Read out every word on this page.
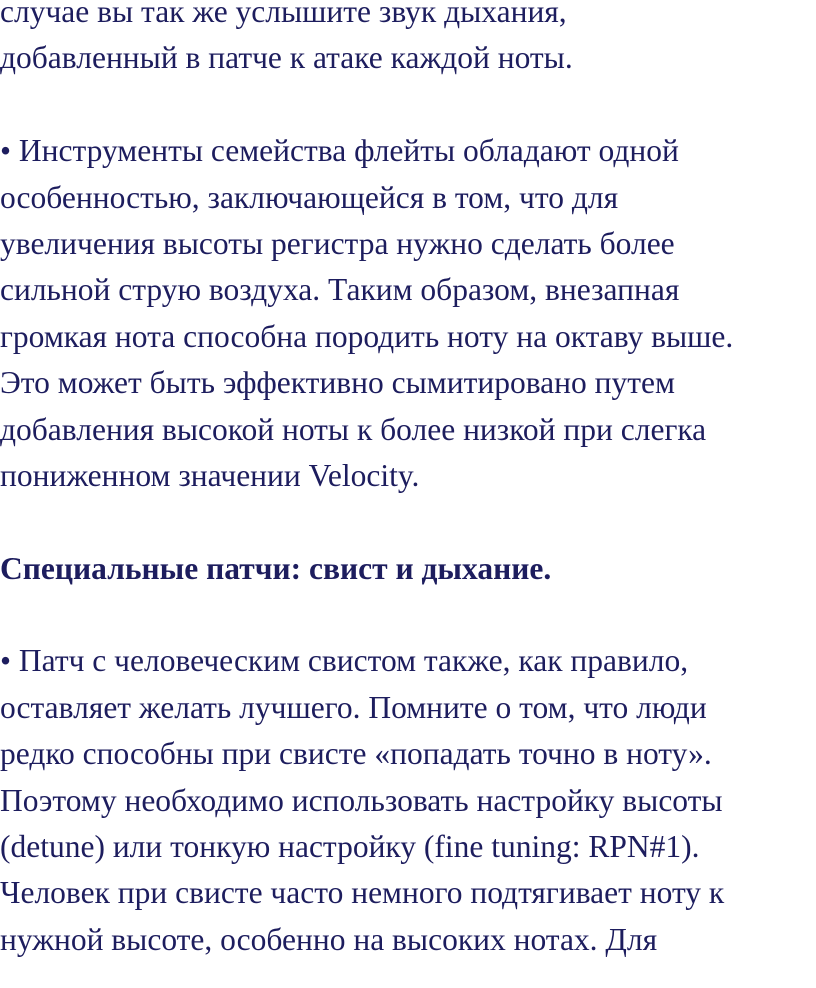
случае вы так же услышите звук дыхания,
добавленный в патче к атаке каждой ноты.
• Инструменты семейства флейты обладают одной
особенностью, заключающейся в том, что для
увеличения высоты регистра нужно сделать более
сильной струю воздуха. Таким образом, внезапная
громкая нота способна породить ноту на октаву выше.
Это может быть эффективно сымитировано путем
добавления высокой ноты к более низкой при слегка
пониженном значении Velocity.
Специальные патчи: свист и дыхание.
• Патч с человеческим свистом также, как правило,
оставляет желать лучшего. Помните о том, что люди
редко способны при свисте «попадать точно в ноту».
Поэтому необходимо использовать настройку высоты
(detune) или тонкую настройку (fine tuning: RPN#1).
Человек при свисте часто немного подтягивает ноту к
нужной высоте, особенно на высоких нотах. Для
